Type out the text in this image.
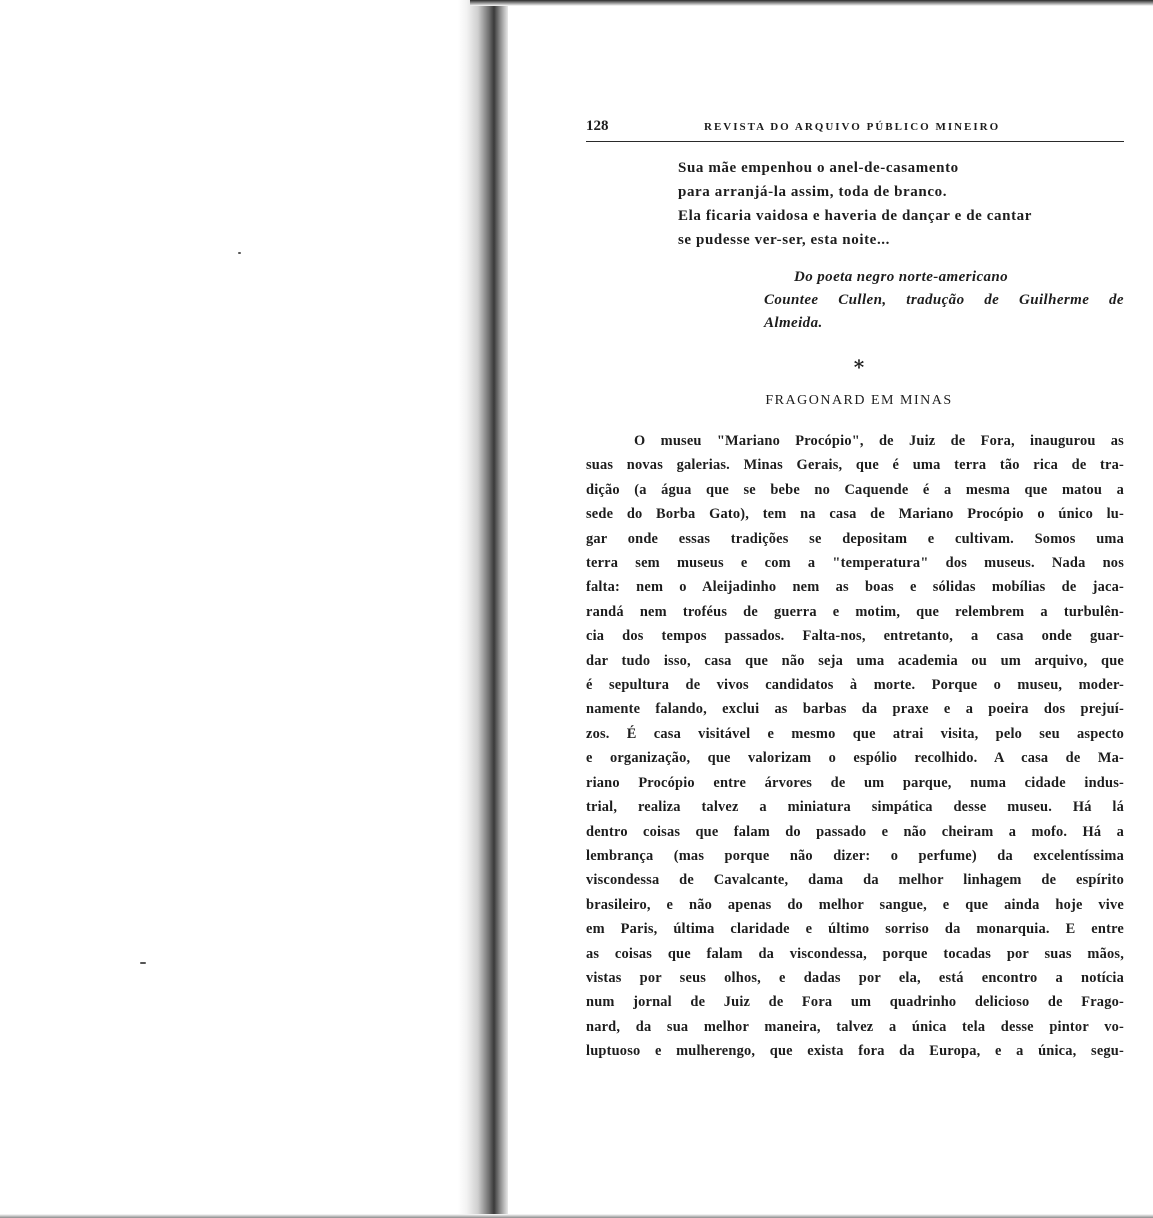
128	REVISTA DO ARQUIVO PÚBLICO MINEIRO
Sua mãe empenhou o anel-de-casamento
para arranjá-la assim, toda de branco.
Ela ficaria vaidosa e haveria de dançar e de cantar
se pudesse ver-ser, esta noite...
Do poeta negro norte-americano
Countee Cullen, tradução de Guilherme de
Almeida.
*
FRAGONARD EM MINAS
O museu "Mariano Procópio", de Juiz de Fora, inaugurou as
suas novas galerias. Minas Gerais, que é uma terra tão rica de tra-
dição (a água que se bebe no Caquende é a mesma que matou a
sede do Borba Gato), tem na casa de Mariano Procópio o único lu-
gar onde essas tradições se depositam e cultivam. Somos uma
terra sem museus e com a "temperatura" dos museus. Nada nos
falta: nem o Aleijadinho nem as boas e sólidas mobílias de jaca-
randá nem troféus de guerra e motim, que relembrem a turbulên-
cia dos tempos passados. Falta-nos, entretanto, a casa onde guar-
dar tudo isso, casa que não seja uma academia ou um arquivo, que
é sepultura de vivos candidatos à morte. Porque o museu, moder-
namente falando, exclui as barbas da praxe e a poeira dos prejuí-
zos. É casa visitável e mesmo que atrai visita, pelo seu aspecto
e organização, que valorizam o espólio recolhido. A casa de Ma-
riano Procópio entre árvores de um parque, numa cidade indus-
trial, realiza talvez a miniatura simpática desse museu. Há lá
dentro coisas que falam do passado e não cheiram a mofo. Há a
lembrança (mas porque não dizer: o perfume) da excelentíssima
viscondessa de Cavalcante, dama da melhor linhagem de espírito
brasileiro, e não apenas do melhor sangue, e que ainda hoje vive
em Paris, última claridade e último sorriso da monarquia. E entre
as coisas que falam da viscondessa, porque tocadas por suas mãos,
vistas por seus olhos, e dadas por ela, está encontro a notícia
num jornal de Juiz de Fora um quadrinho delicioso de Frago-
nard, da sua melhor maneira, talvez a única tela desse pintor vo-
luptuoso e mulherengo, que exista fora da Europa, e a única, segu-
